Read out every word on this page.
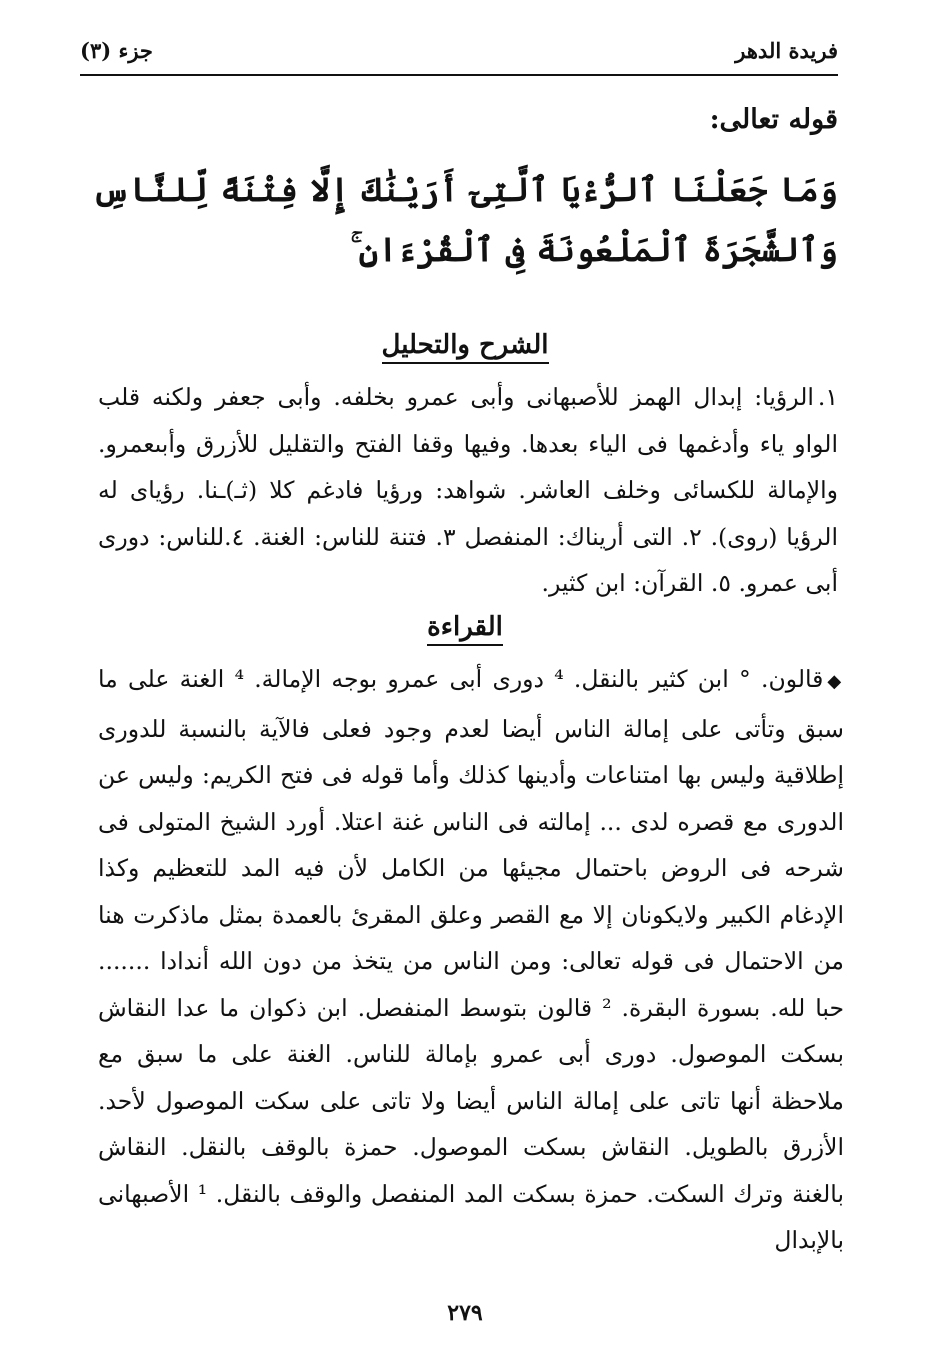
فريدة الدهر
جزء (٣)
قوله تعالى:
وَمَا جَعَلْنَا ٱلرُّءْيَا ٱلَّتِىٓ أَرَيْنَٰكَ إِلَّا فِتْنَةً لِّلنَّاسِ وَٱلشَّجَرَةَ ٱلْمَلْعُونَةَ فِى ٱلْقُرْءَانِ ۚ
الشرح والتحليل
١.الرؤيا: إبدال الهمز للأصبهانى وأبى عمرو بخلفه. وأبى جعفر ولكنه قلب الواو ياء وأدغمها فى الياء بعدها. وفيها وقفا الفتح والتقليل للأزرق وأبىعمرو. والإمالة للكسائى وخلف العاشر. شواهد: ورؤيا فادغم كلا (ثـ)ـنا. رؤياى له الرؤيا (روى). ٢. التى أريناك: المنفصل ٣. فتنة للناس: الغنة. ٤.للناس: دورى أبى عمرو. ٥. القرآن: ابن كثير.
القراءة
◆قالون. ° ابن كثير بالنقل. ⁴ دورى أبى عمرو بوجه الإمالة. ⁴ الغنة على ما سبق وتأتى على إمالة الناس أيضا لعدم وجود فعلى فالآية بالنسبة للدورى إطلاقية وليس بها امتناعات وأدينها كذلك وأما قوله فى فتح الكريم: وليس عن الدورى مع قصره لدى ... إمالته فى الناس غنة اعتلا. أورد الشيخ المتولى فى شرحه فى الروض باحتمال مجيئها من الكامل لأن فيه المد للتعظيم وكذا الإدغام الكبير ولايكونان إلا مع القصر وعلق المقرئ بالعمدة بمثل ماذكرت هنا من الاحتمال فى قوله تعالى: ومن الناس من يتخذ من دون الله أندادا ....... حبا لله. بسورة البقرة. ² قالون بتوسط المنفصل. ابن ذكوان ما عدا النقاش بسكت الموصول. دورى أبى عمرو بإمالة للناس. الغنة على ما سبق مع ملاحظة أنها تاتى على إمالة الناس أيضا ولا تاتى على سكت الموصول لأحد. الأزرق بالطويل. النقاش بسكت الموصول. حمزة بالوقف بالنقل. النقاش بالغنة وترك السكت. حمزة بسكت المد المنفصل والوقف بالنقل. ¹ الأصبهانى بالإبدال
٢٧٩
